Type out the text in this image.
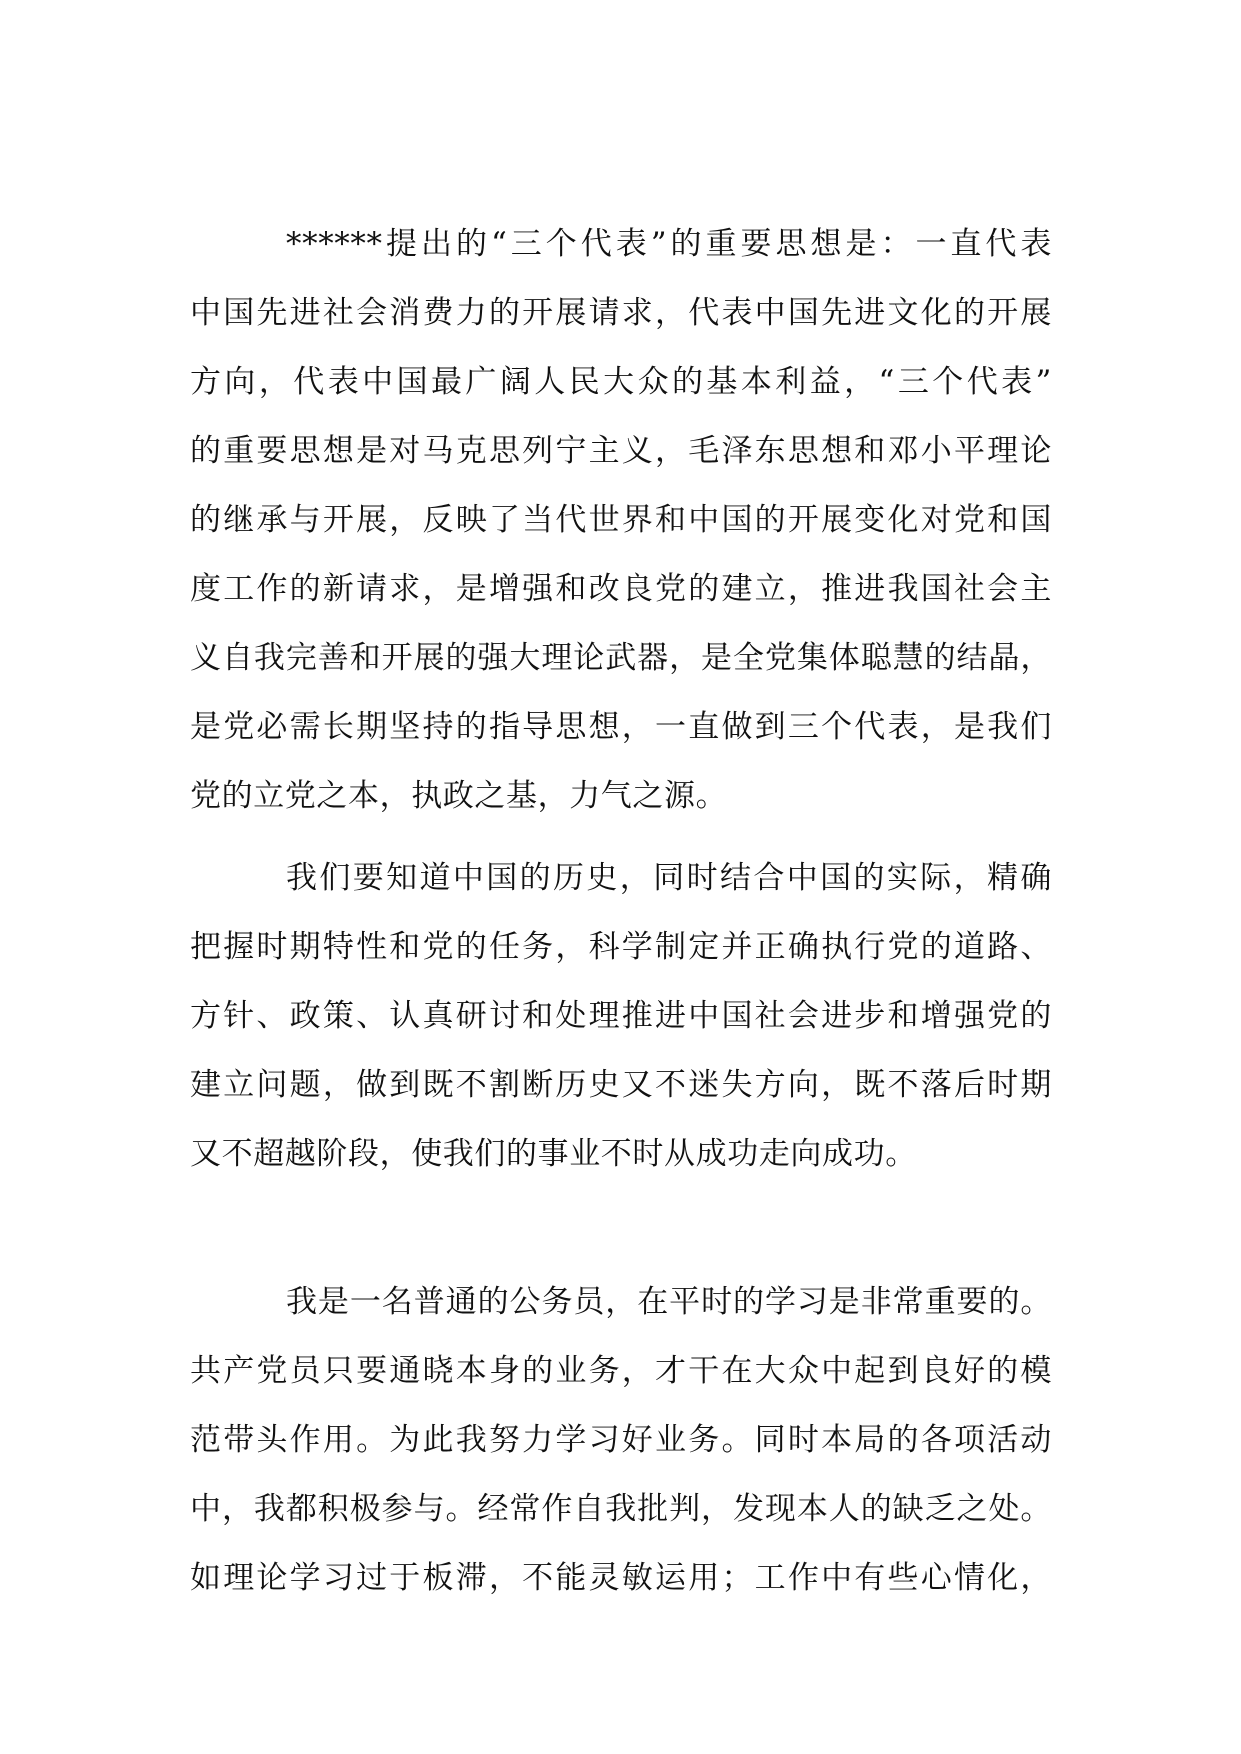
******提出的“三个代表”的重要思想是：一直代表
中国先进社会消费力的开展请求，代表中国先进文化的开展
方向，代表中国最广阔人民大众的基本利益，“三个代表”
的重要思想是对马克思列宁主义，毛泽东思想和邓小平理论
的继承与开展，反映了当代世界和中国的开展变化对党和国
度工作的新请求，是增强和改良党的建立，推进我国社会主
义自我完善和开展的强大理论武器，是全党集体聪慧的结晶，
是党必需长期坚持的指导思想，一直做到三个代表，是我们
党的立党之本，执政之基，力气之源。
我们要知道中国的历史，同时结合中国的实际，精确
把握时期特性和党的任务，科学制定并正确执行党的道路、
方针、政策、认真研讨和处理推进中国社会进步和增强党的
建立问题，做到既不割断历史又不迷失方向，既不落后时期
又不超越阶段，使我们的事业不时从成功走向成功。
我是一名普通的公务员，在平时的学习是非常重要的。
共产党员只要通晓本身的业务，才干在大众中起到良好的模
范带头作用。为此我努力学习好业务。同时本局的各项活动
中，我都积极参与。经常作自我批判，发现本人的缺乏之处。
如理论学习过于板滞，不能灵敏运用；工作中有些心情化，
